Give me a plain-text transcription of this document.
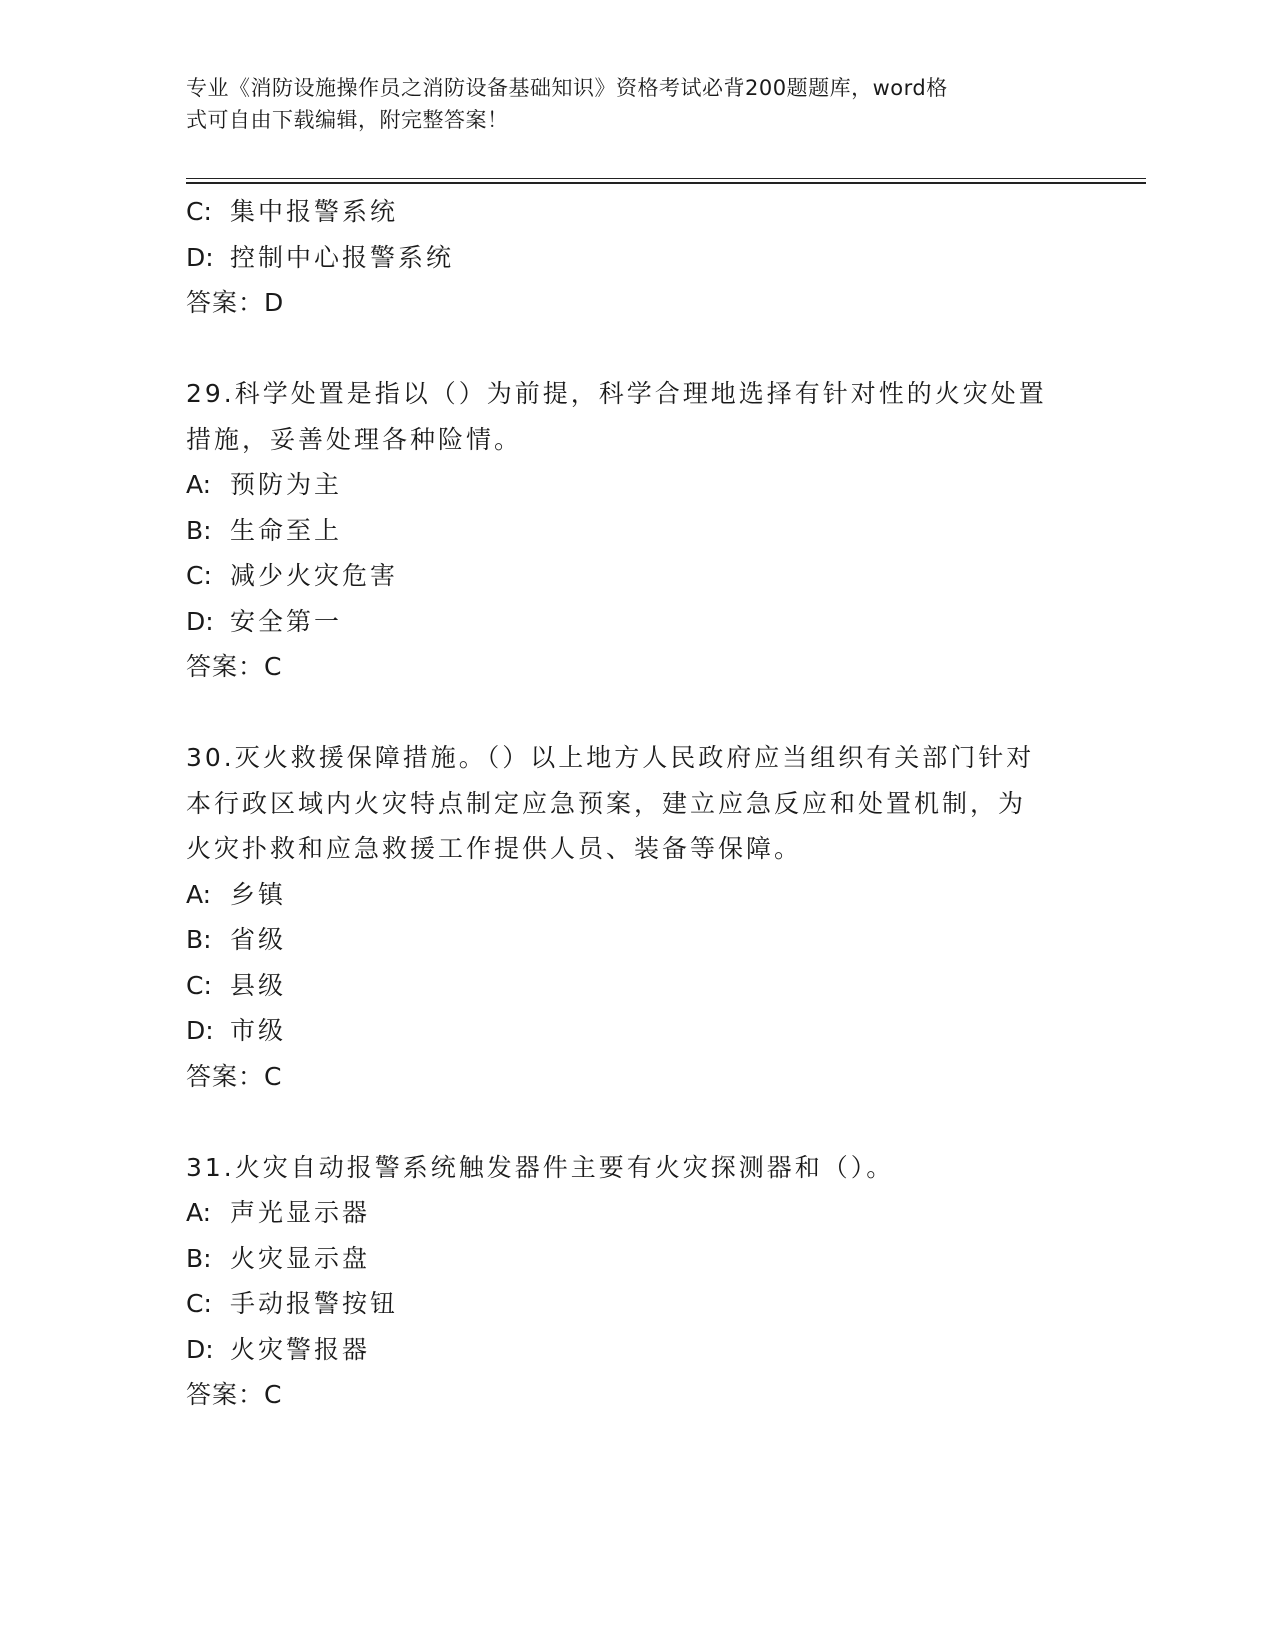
专业《消防设施操作员之消防设备基础知识》资格考试必背200题题库，word格
式可自由下载编辑，附完整答案！
C: 集中报警系统
D: 控制中心报警系统
答案：D
29.科学处置是指以（）为前提，科学合理地选择有针对性的火灾处置
措施，妥善处理各种险情。
A: 预防为主
B: 生命至上
C: 减少火灾危害
D: 安全第一
答案：C
30.灭火救援保障措施。（）以上地方人民政府应当组织有关部门针对
本行政区域内火灾特点制定应急预案，建立应急反应和处置机制，为
火灾扑救和应急救援工作提供人员、装备等保障。
A: 乡镇
B: 省级
C: 县级
D: 市级
答案：C
31.火灾自动报警系统触发器件主要有火灾探测器和（）。
A: 声光显示器
B: 火灾显示盘
C: 手动报警按钮
D: 火灾警报器
答案：C
